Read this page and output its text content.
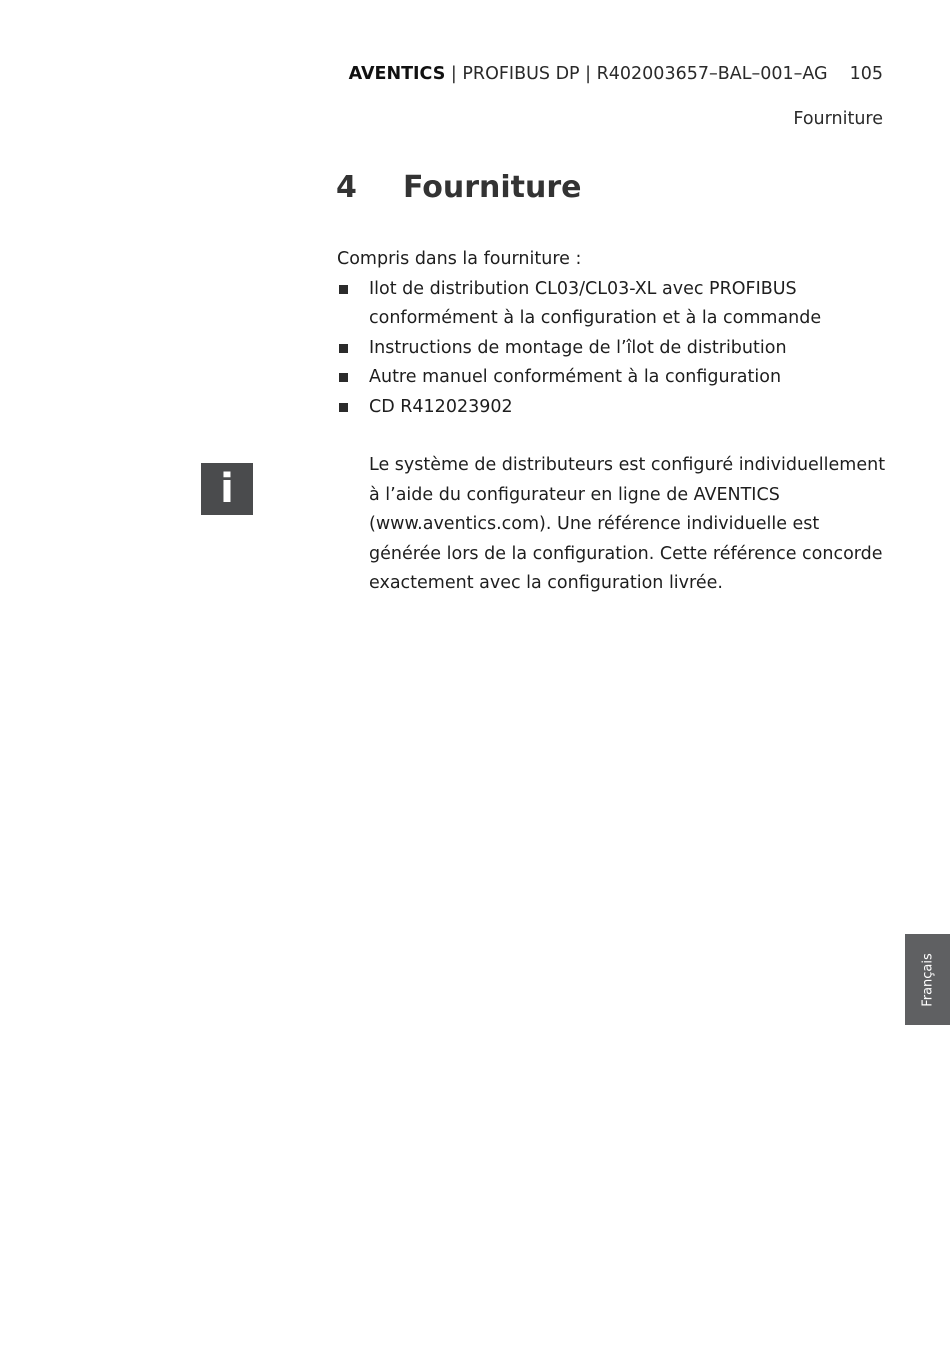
AVENTICS | PROFIBUS DP | R402003657–BAL–001–AG 105
Fourniture
4 Fourniture

Compris dans la fourniture :

Ilot de distribution CL03/CL03-XL avec PROFIBUS conformément à la configuration et à la commande
Instructions de montage de l’îlot de distribution
Autre manuel conformément à la configuration
CD R412023902
i

Le système de distributeurs est configuré individuellement à l’aide du configurateur en ligne de AVENTICS (www.aventics.com). Une référence individuelle est générée lors de la configuration. Cette référence concorde exactement avec la configuration livrée.

Français
